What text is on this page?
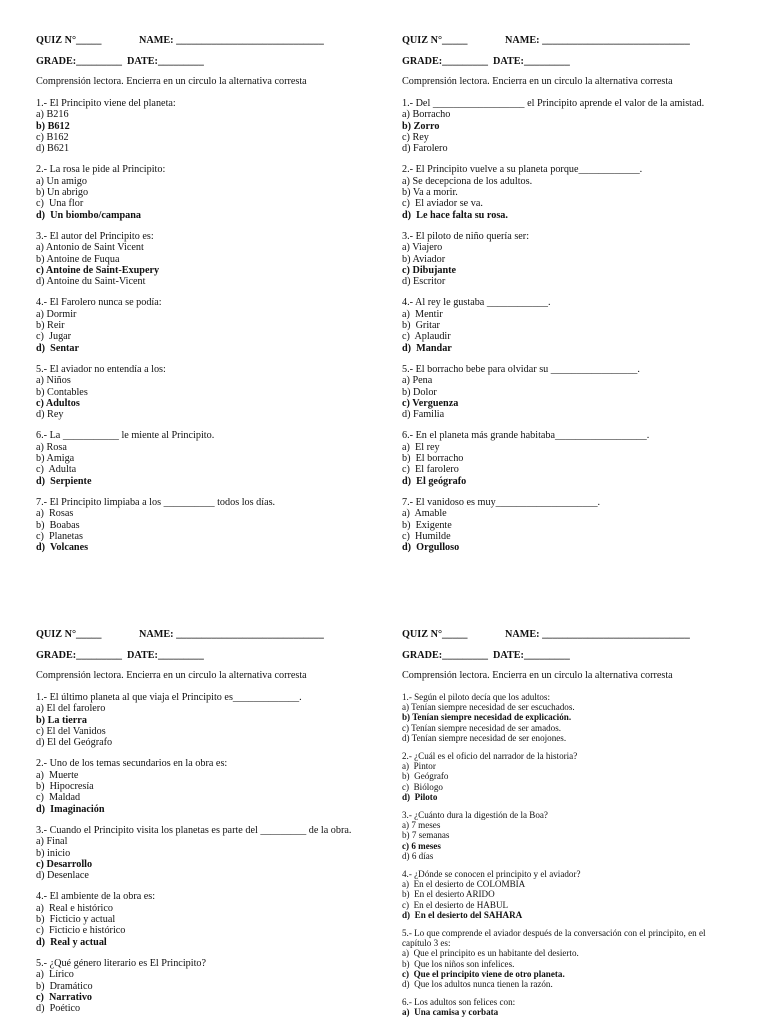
QUIZ N°_____	NAME: _____________________________
GRADE:_________ DATE:_________
Comprensión lectora. Encierra en un circulo la alternativa corresta
1.- El Principito viene del planeta:
a) B216
b) B612
c) B162
d) B621
2.- La rosa le pide al Principito:
a) Un amigo
b) Un abrigo
c)  Una flor
d)  Un biombo/campana
3.- El autor del Principito es:
a) Antonio de Saint Vicent
b) Antoine de Fuqua
c) Antoine de Saint-Exupery
d) Antoine du Saint-Vicent
4.- El Farolero nunca se podía:
a) Dormir
b) Reir
c)  Jugar
d)  Sentar
5.- El aviador no entendía a los:
a) Niños
b) Contables
c) Adultos
d) Rey
6.- La ___________ le miente al Principito.
a) Rosa
b) Amiga
c)  Adulta
d)  Serpiente
7.- El Principito limpiaba a los __________ todos los días.
a)  Rosas
b)  Boabas
c)  Planetas
d)  Volcanes
QUIZ N°_____	NAME: _____________________________
GRADE:_________ DATE:_________
Comprensión lectora. Encierra en un circulo la alternativa corresta
1.- Del __________________ el Principito aprende el valor de la amistad.
a) Borracho
b) Zorro
c) Rey
d) Farolero
2.- El Principito vuelve a su planeta porque____________.
a) Se decepciona de los adultos.
b) Va a morir.
c)  El aviador se va.
d)  Le hace falta su rosa.
3.- El piloto de niño quería ser:
a) Viajero
b) Aviador
c) Dibujante
d) Escritor
4.- Al rey le gustaba ____________.
a)  Mentir
b)  Gritar
c)  Aplaudir
d)  Mandar
5.- El borracho bebe para olvidar su _________________.
a) Pena
b) Dolor
c) Verguenza
d) Familia
6.- En el planeta más grande habitaba__________________.
a)  El rey
b)  El borracho
c)  El farolero
d)  El geógrafo
7.- El vanidoso es muy____________________.
a)  Amable
b)  Exigente
c)  Humilde
d)  Orgulloso
QUIZ N°_____	NAME: _____________________________
GRADE:_________ DATE:_________
Comprensión lectora. Encierra en un circulo la alternativa corresta
1.- El último planeta al que viaja el Principito es_____________.
a) El del farolero
b) La tierra
c) El del Vanidos
d) El del Geógrafo
2.- Uno de los temas secundarios en la obra es:
a)  Muerte
b)  Hipocresía
c)  Maldad
d)  Imaginación
3.- Cuando el Principito visita los planetas es parte del _________ de la obra.
a) Final
b) inicio
c) Desarrollo
d) Desenlace
4.- El ambiente de la obra es:
a)  Real e histórico
b)  Ficticio y actual
c)  Ficticio e histórico
d)  Real y actual
5.- ¿Qué género literario es El Principito?
a)  Lírico
b)  Dramático
c)  Narrativo
d)  Poético
QUIZ N°_____	NAME: _____________________________
GRADE:_________ DATE:_________
Comprensión lectora. Encierra en un circulo la alternativa corresta
1.- Según el piloto decía que los adultos:
a) Tenían siempre necesidad de ser escuchados.
b) Tenían siempre necesidad de explicación.
c) Tenían siempre necesidad de ser amados.
d) Tenían siempre necesidad de ser enojones.
2.- ¿Cuál es el oficio del narrador de la historia?
a)  Pintor
b)  Geógrafo
c)  Biólogo
d)  Piloto
3.- ¿Cuánto dura la digestión de la Boa?
a) 7 meses
b) 7 semanas
c) 6 meses
d) 6 días
4.- ¿Dónde se conocen el principito y el aviador?
a)  En el desierto de COLOMBIA
b)  En el desierto ARIDO
c)  En el desierto de HABUL
d)  En el desierto del SAHARA
5.- Lo que comprende el aviador después de la conversación con el principito, en el capítulo 3 es:
a)  Que el principito es un habitante del desierto.
b)  Que los niños son infelices.
c)  Que el principito viene de otro planeta.
d)  Que los adultos nunca tienen la razón.
6.- Los adultos son felices con:
a)  Una camisa y corbata
